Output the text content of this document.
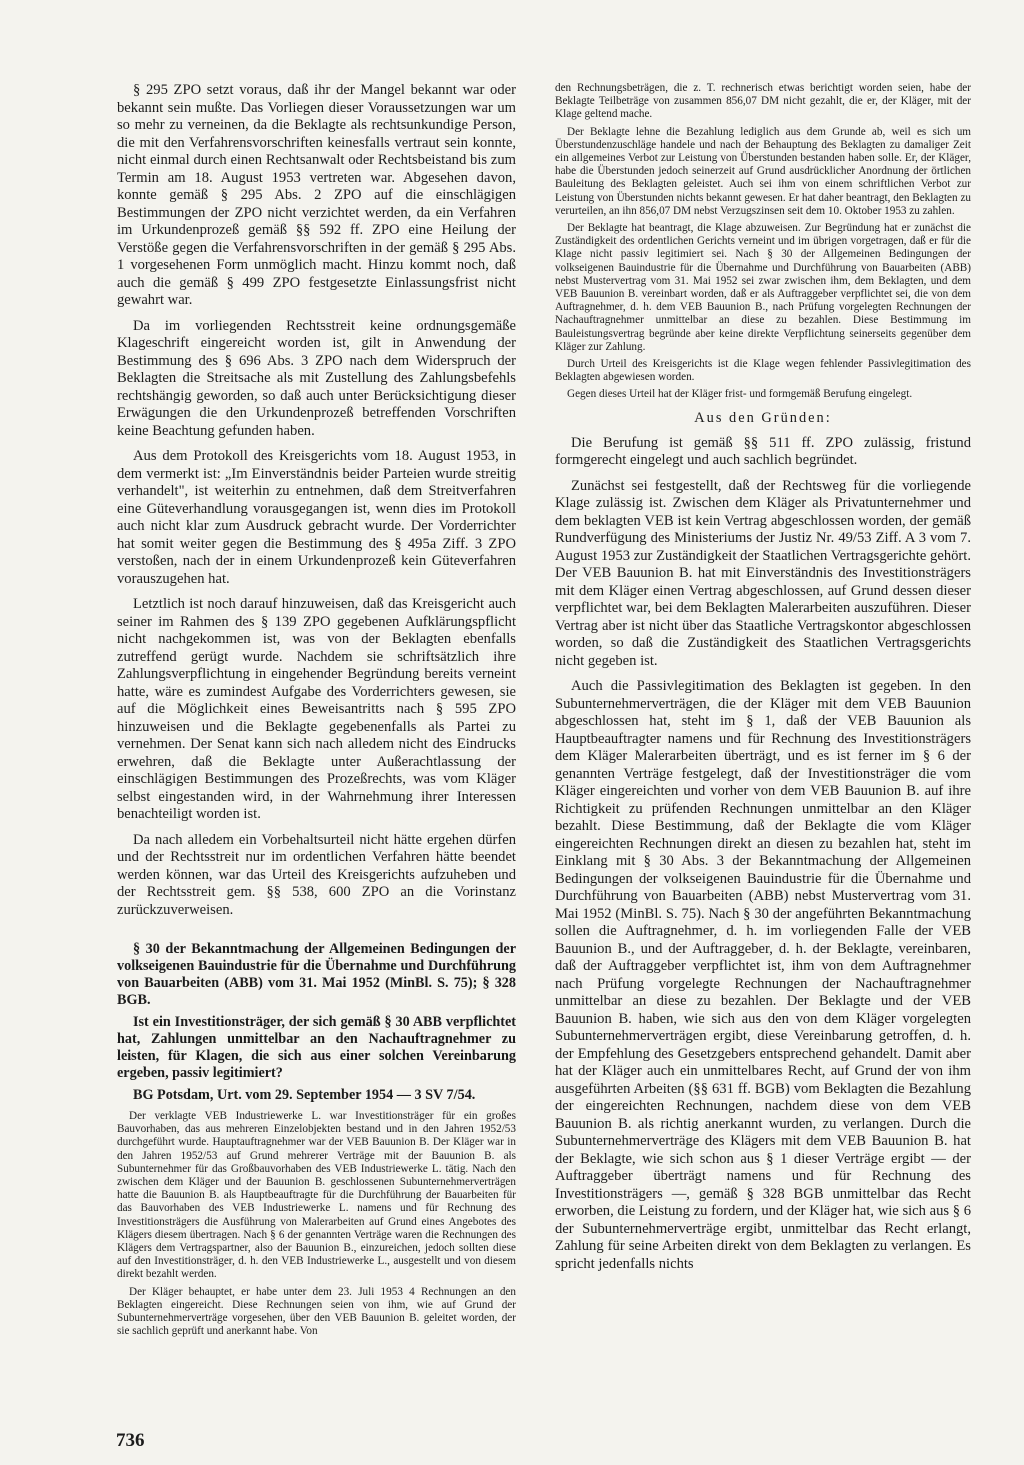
§ 295 ZPO setzt voraus, daß ihr der Mangel bekannt war oder bekannt sein mußte. Das Vorliegen dieser Voraussetzungen war um so mehr zu verneinen, da die Beklagte als rechtsunkundige Person, die mit den Verfahrensvorschriften keinesfalls vertraut sein konnte, nicht einmal durch einen Rechtsanwalt oder Rechtsbeistand bis zum Termin am 18. August 1953 vertreten war. Abgesehen davon, konnte gemäß § 295 Abs. 2 ZPO auf die einschlägigen Bestimmungen der ZPO nicht verzichtet werden, da ein Verfahren im Urkundenprozeß gemäß §§ 592 ff. ZPO eine Heilung der Verstöße gegen die Verfahrensvorschriften in der gemäß § 295 Abs. 1 vorgesehenen Form unmöglich macht. Hinzu kommt noch, daß auch die gemäß § 499 ZPO festgesetzte Einlassungsfrist nicht gewahrt war.

Da im vorliegenden Rechtsstreit keine ordnungsgemäße Klageschrift eingereicht worden ist, gilt in Anwendung der Bestimmung des § 696 Abs. 3 ZPO nach dem Widerspruch der Beklagten die Streitsache als mit Zustellung des Zahlungsbefehls rechtshängig geworden, so daß auch unter Berücksichtigung dieser Erwägungen die den Urkundenprozeß betreffenden Vorschriften keine Beachtung gefunden haben.

Aus dem Protokoll des Kreisgerichts vom 18. August 1953, in dem vermerkt ist: „Im Einverständnis beider Parteien wurde streitig verhandelt", ist weiterhin zu entnehmen, daß dem Streitverfahren eine Güteverhandlung vorausgegangen ist, wenn dies im Protokoll auch nicht klar zum Ausdruck gebracht wurde. Der Vorderrichter hat somit weiter gegen die Bestimmung des § 495a Ziff. 3 ZPO verstoßen, nach der in einem Urkundenprozeß kein Güteverfahren vorauszugehen hat.

Letztlich ist noch darauf hinzuweisen, daß das Kreisgericht auch seiner im Rahmen des § 139 ZPO gegebenen Aufklärungspflicht nicht nachgekommen ist, was von der Beklagten ebenfalls zutreffend gerügt wurde. Nachdem sie schriftsätzlich ihre Zahlungsverpflichtung in eingehender Begründung bereits verneint hatte, wäre es zumindest Aufgabe des Vorderrichters gewesen, sie auf die Möglichkeit eines Beweisantritts nach § 595 ZPO hinzuweisen und die Beklagte gegebenenfalls als Partei zu vernehmen. Der Senat kann sich nach alledem nicht des Eindrucks erwehren, daß die Beklagte unter Außerachtlassung der einschlägigen Bestimmungen des Prozeßrechts, was vom Kläger selbst eingestanden wird, in der Wahrnehmung ihrer Interessen benachteiligt worden ist.

Da nach alledem ein Vorbehaltsurteil nicht hätte ergehen dürfen und der Rechtsstreit nur im ordentlichen Verfahren hätte beendet werden können, war das Urteil des Kreisgerichts aufzuheben und der Rechtsstreit gem. §§ 538, 600 ZPO an die Vorinstanz zurückzuverweisen.

§ 30 der Bekanntmachung der Allgemeinen Bedingungen der volkseigenen Bauindustrie für die Übernahme und Durchführung von Bauarbeiten (ABB) vom 31. Mai 1952 (MinBl. S. 75); § 328 BGB.

Ist ein Investitionsträger, der sich gemäß § 30 ABB verpflichtet hat, Zahlungen unmittelbar an den Nachauftragnehmer zu leisten, für Klagen, die sich aus einer solchen Vereinbarung ergeben, passiv legitimiert?

BG Potsdam, Urt. vom 29. September 1954 — 3 SV 7/54.

Der verklagte VEB Industriewerke L. war Investitionsträger für ein großes Bauvorhaben, das aus mehreren Einzelobjekten bestand und in den Jahren 1952/53 durchgeführt wurde. Hauptauftragnehmer war der VEB Bauunion B. Der Kläger war in den Jahren 1952/53 auf Grund mehrerer Verträge mit der Bauunion B. als Subunternehmer für das Großbauvorhaben des VEB Industriewerke L. tätig. Nach den zwischen dem Kläger und der Bauunion B. geschlossenen Subunternehmerverträgen hatte die Bauunion B. als Hauptbeauftragte für die Durchführung der Bauarbeiten für das Bauvorhaben des VEB Industriewerke L. namens und für Rechnung des Investitionsträgers die Ausführung von Malerarbeiten auf Grund eines Angebotes des Klägers diesem übertragen. Nach § 6 der genannten Verträge waren die Rechnungen des Klägers dem Vertragspartner, also der Bauunion B., einzureichen, jedoch sollten diese auf den Investitionsträger, d. h. den VEB Industriewerke L., ausgestellt und von diesem direkt bezahlt werden.

Der Kläger behauptet, er habe unter dem 23. Juli 1953 4 Rechnungen an den Beklagten eingereicht. Diese Rechnungen seien von ihm, wie auf Grund der Subunternehmerverträge vorgesehen, über den VEB Bauunion B. geleitet worden, der sie sachlich geprüft und anerkannt habe. Von

den Rechnungsbeträgen, die z. T. rechnerisch etwas berichtigt worden seien, habe der Beklagte Teilbeträge von zusammen 856,07 DM nicht gezahlt, die er, der Kläger, mit der Klage geltend mache.

Der Beklagte lehne die Bezahlung lediglich aus dem Grunde ab, weil es sich um Überstundenzuschläge handele und nach der Behauptung des Beklagten zu damaliger Zeit ein allgemeines Verbot zur Leistung von Überstunden bestanden haben solle. Er, der Kläger, habe die Überstunden jedoch seinerzeit auf Grund ausdrücklicher Anordnung der örtlichen Bauleitung des Beklagten geleistet. Auch sei ihm von einem schriftlichen Verbot zur Leistung von Überstunden nichts bekannt gewesen. Er hat daher beantragt, den Beklagten zu verurteilen, an ihn 856,07 DM nebst Verzugszinsen seit dem 10. Oktober 1953 zu zahlen.

Der Beklagte hat beantragt, die Klage abzuweisen. Zur Begründung hat er zunächst die Zuständigkeit des ordentlichen Gerichts verneint und im übrigen vorgetragen, daß er für die Klage nicht passiv legitimiert sei. Nach § 30 der Allgemeinen Bedingungen der volkseigenen Bauindustrie für die Übernahme und Durchführung von Bauarbeiten (ABB) nebst Mustervertrag vom 31. Mai 1952 sei zwar zwischen ihm, dem Beklagten, und dem VEB Bauunion B. vereinbart worden, daß er als Auftraggeber verpflichtet sei, die von dem Auftragnehmer, d. h. dem VEB Bauunion B., nach Prüfung vorgelegten Rechnungen der Nachauftragnehmer unmittelbar an diese zu bezahlen. Diese Bestimmung im Bauleistungsvertrag begründe aber keine direkte Verpflichtung seinerseits gegenüber dem Kläger zur Zahlung.

Durch Urteil des Kreisgerichts ist die Klage wegen fehlender Passivlegitimation des Beklagten abgewiesen worden.

Gegen dieses Urteil hat der Kläger frist- und formgemäß Berufung eingelegt.

Aus den Gründen:

Die Berufung ist gemäß §§ 511 ff. ZPO zulässig, fristund formgerecht eingelegt und auch sachlich begründet.

Zunächst sei festgestellt, daß der Rechtsweg für die vorliegende Klage zulässig ist. Zwischen dem Kläger als Privatunternehmer und dem beklagten VEB ist kein Vertrag abgeschlossen worden, der gemäß Rundverfügung des Ministeriums der Justiz Nr. 49/53 Ziff. A 3 vom 7. August 1953 zur Zuständigkeit der Staatlichen Vertragsgerichte gehört. Der VEB Bauunion B. hat mit Einverständnis des Investitionsträgers mit dem Kläger einen Vertrag abgeschlossen, auf Grund dessen dieser verpflichtet war, bei dem Beklagten Malerarbeiten auszuführen. Dieser Vertrag aber ist nicht über das Staatliche Vertragskontor abgeschlossen worden, so daß die Zuständigkeit des Staatlichen Vertragsgerichts nicht gegeben ist.

Auch die Passivlegitimation des Beklagten ist gegeben. In den Subunternehmerverträgen, die der Kläger mit dem VEB Bauunion abgeschlossen hat, steht im § 1, daß der VEB Bauunion als Hauptbeauftragter namens und für Rechnung des Investitionsträgers dem Kläger Malerarbeiten überträgt, und es ist ferner im § 6 der genannten Verträge festgelegt, daß der Investitionsträger die vom Kläger eingereichten und vorher von dem VEB Bauunion B. auf ihre Richtigkeit zu prüfenden Rechnungen unmittelbar an den Kläger bezahlt. Diese Bestimmung, daß der Beklagte die vom Kläger eingereichten Rechnungen direkt an diesen zu bezahlen hat, steht im Einklang mit § 30 Abs. 3 der Bekanntmachung der Allgemeinen Bedingungen der volkseigenen Bauindustrie für die Übernahme und Durchführung von Bauarbeiten (ABB) nebst Mustervertrag vom 31. Mai 1952 (MinBl. S. 75). Nach § 30 der angeführten Bekanntmachung sollen die Auftragnehmer, d. h. im vorliegenden Falle der VEB Bauunion B., und der Auftraggeber, d. h. der Beklagte, vereinbaren, daß der Auftraggeber verpflichtet ist, ihm von dem Auftragnehmer nach Prüfung vorgelegte Rechnungen der Nachauftragnehmer unmittelbar an diese zu bezahlen. Der Beklagte und der VEB Bauunion B. haben, wie sich aus den von dem Kläger vorgelegten Subunternehmerverträgen ergibt, diese Vereinbarung getroffen, d. h. der Empfehlung des Gesetzgebers entsprechend gehandelt. Damit aber hat der Kläger auch ein unmittelbares Recht, auf Grund der von ihm ausgeführten Arbeiten (§§ 631 ff. BGB) vom Beklagten die Bezahlung der eingereichten Rechnungen, nachdem diese von dem VEB Bauunion B. als richtig anerkannt wurden, zu verlangen. Durch die Subunternehmerverträge des Klägers mit dem VEB Bauunion B. hat der Beklagte, wie sich schon aus § 1 dieser Verträge ergibt — der Auftraggeber überträgt namens und für Rechnung des Investitionsträgers —, gemäß § 328 BGB unmittelbar das Recht erworben, die Leistung zu fordern, und der Kläger hat, wie sich aus § 6 der Subunternehmerverträge ergibt, unmittelbar das Recht erlangt, Zahlung für seine Arbeiten direkt von dem Beklagten zu verlangen. Es spricht jedenfalls nichts

736
